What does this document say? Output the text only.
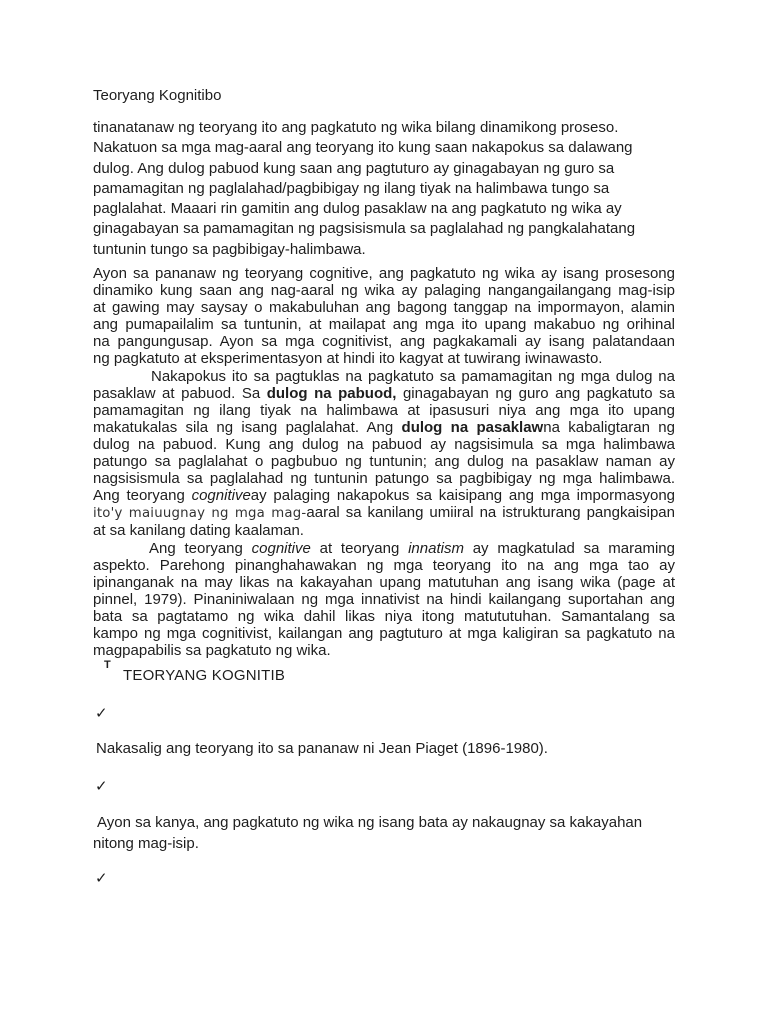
Teoryang Kognitibo

tinanatanaw ng teoryang ito ang pagkatuto ng wika bilang dinamikong proseso.
Nakatuon sa mga mag-aaral ang teoryang ito kung saan nakapokus sa dalawang
dulog. Ang dulog pabuod kung saan ang pagtuturo ay ginagabayan ng guro sa
pamamagitan ng paglalahad/pagbibigay ng ilang tiyak na halimbawa tungo sa
paglalahat. Maaari rin gamitin ang dulog pasaklaw na ang pagkatuto ng wika ay
ginagabayan sa pamamagitan ng pagsisismula sa paglalahad ng pangkalahatang
tuntunin tungo sa pagbibigay-halimbawa.

Ayon sa pananaw ng teoryang cognitive, ang pagkatuto ng wika ay isang prosesong
dinamiko kung saan ang nag-aaral ng wika ay palaging nangangailangang mag-isip
at gawing may saysay o makabuluhan ang bagong tanggap na impormayon, alamin
ang pumapailalim sa tuntunin, at mailapat ang mga ito upang makabuo ng orihinal
na pangungusap. Ayon sa mga cognitivist, ang pagkakamali ay isang palatandaan
ng pagkatuto at eksperimentasyon at hindi ito kagyat at tuwirang iwinawasto.
Nakapokus ito sa pagtuklas na pagkatuto sa pamamagitan ng mga dulog na
pasaklaw at pabuod. Sa dulog na pabuod, ginagabayan ng guro ang pagkatuto sa
pamamagitan ng ilang tiyak na halimbawa at ipasusuri niya ang mga ito upang
makatukalas sila ng isang paglalahat. Ang dulog na pasaklawna kabaligtaran ng
dulog na pabuod. Kung ang dulog na pabuod ay nagsisimula sa mga halimbawa
patungo sa paglalahat o pagbubuo ng tuntunin; ang dulog na pasaklaw naman ay
nagsisismula sa paglalahad ng tuntunin patungo sa pagbibigay ng mga halimbawa.
Ang teoryang cognitiveay palaging nakapokus sa kaisipang ang mga impormasyong
ito'y maiuugnay ng mga mag-aaral sa kanilang umiiral na istrukturang pangkaisipan
at sa kanilang dating kaalaman.
Ang teoryang cognitive at teoryang innatism ay magkatulad sa maraming
aspekto. Parehong pinanghahawakan ng mga teoryang ito na ang mga tao ay
ipinanganak na may likas na kakayahan upang matutuhan ang isang wika (page at
pinnel, 1979). Pinaniniwalaan ng mga innativist na hindi kailangang suportahan ang
bata sa pagtatamo ng wika dahil likas niya itong matututuhan. Samantalang sa
kampo ng mga cognitivist, kailangan ang pagtuturo at mga kaligiran sa pagkatuto na
magpapabilis sa pagkatuto ng wika.
T
TEORYANG KOGNITIB
✓
Nakasalig ang teoryang ito sa pananaw ni Jean Piaget (1896-1980).
✓

Ayon sa kanya, ang pagkatuto ng wika ng isang bata ay nakaugnay sa kakayahan
nitong mag-isip.

✓
